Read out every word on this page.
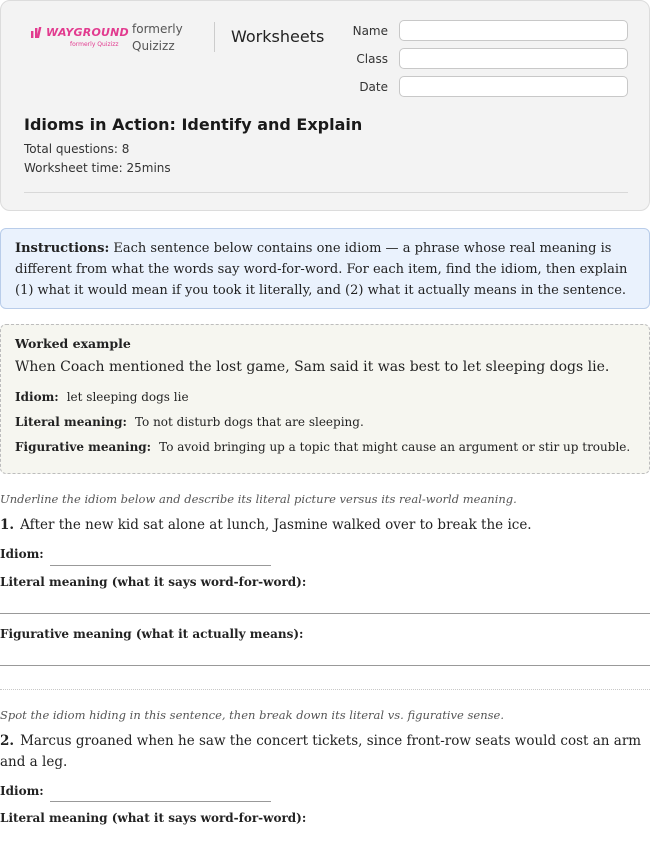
WAYGROUND
formerly Quizizz
formerly
Quizizz	Worksheets	Name
Class
Date
Idioms in Action: Identify and Explain
Total questions: 8
Worksheet time: 25mins
Instructions: Each sentence below contains one idiom — a phrase whose real meaning is different from what the words say word-for-word. For each item, find the idiom, then explain (1) what it would mean if you took it literally, and (2) what it actually means in the sentence.
Worked example
When Coach mentioned the lost game, Sam said it was best to let sleeping dogs lie.
Idiom: let sleeping dogs lie
Literal meaning: To not disturb dogs that are sleeping.
Figurative meaning: To avoid bringing up a topic that might cause an argument or stir up trouble.
Underline the idiom below and describe its literal picture versus its real-world meaning.
1. After the new kid sat alone at lunch, Jasmine walked over to break the ice.
Idiom:
Literal meaning (what it says word-for-word):
Figurative meaning (what it actually means):
Spot the idiom hiding in this sentence, then break down its literal vs. figurative sense.
2. Marcus groaned when he saw the concert tickets, since front-row seats would cost an arm and a leg.
Idiom:
Literal meaning (what it says word-for-word):
